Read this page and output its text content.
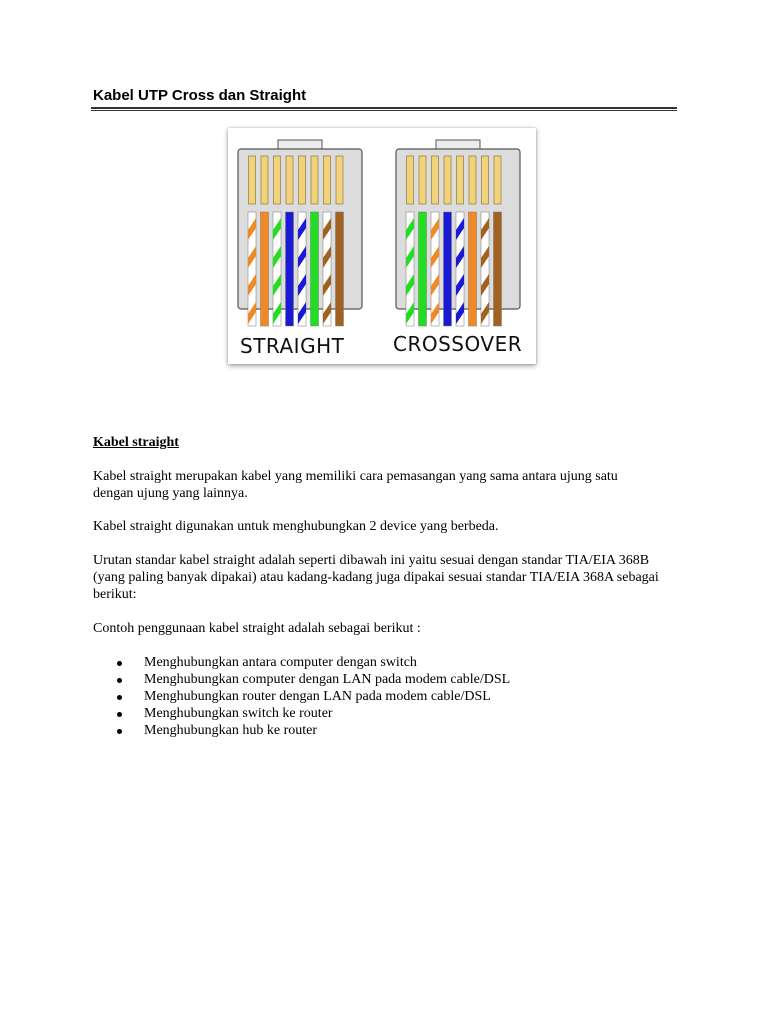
Kabel UTP Cross dan Straight
STRAIGHT CROSSOVER
Kabel straight
Kabel straight merupakan kabel yang memiliki cara pemasangan yang sama antara ujung satu dengan ujung yang lainnya.
Kabel straight digunakan untuk menghubungkan 2 device yang berbeda.
Urutan standar kabel straight adalah seperti dibawah ini yaitu sesuai dengan standar TIA/EIA 368B (yang paling banyak dipakai) atau kadang-kadang juga dipakai sesuai standar TIA/EIA 368A sebagai berikut:
Contoh penggunaan kabel straight adalah sebagai berikut :
Menghubungkan antara computer dengan switch
Menghubungkan computer dengan LAN pada modem cable/DSL
Menghubungkan router dengan LAN pada modem cable/DSL
Menghubungkan switch ke router
Menghubungkan hub ke router
